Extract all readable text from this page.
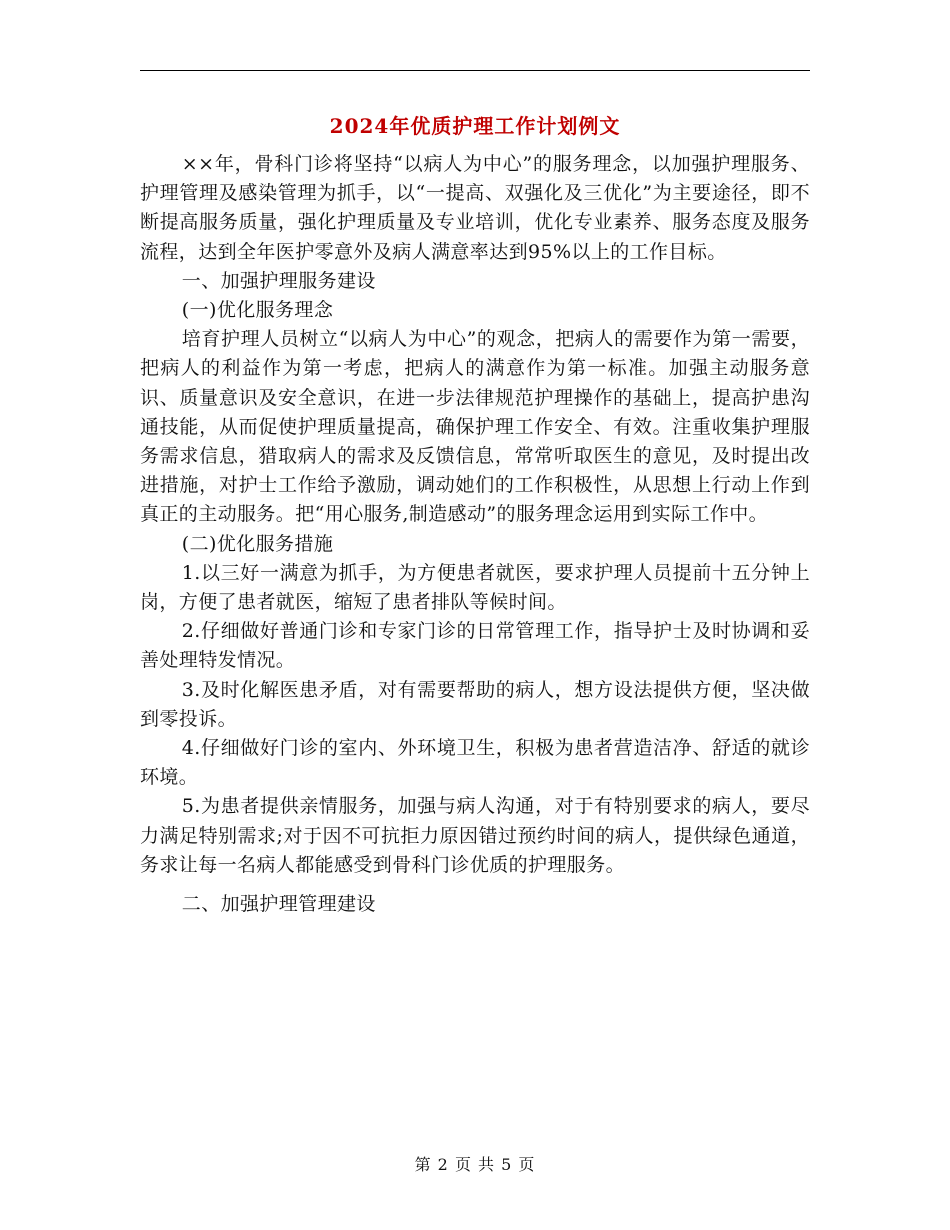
2024年优质护理工作计划例文

××年，骨科门诊将坚持“以病人为中心”的服务理念，以加强护理服务、护理管理及感染管理为抓手，以“一提高、双强化及三优化”为主要途径，即不断提高服务质量，强化护理质量及专业培训，优化专业素养、服务态度及服务流程，达到全年医护零意外及病人满意率达到95%以上的工作目标。

一、加强护理服务建设

(一)优化服务理念

培育护理人员树立“以病人为中心”的观念，把病人的需要作为第一需要，把病人的利益作为第一考虑，把病人的满意作为第一标准。加强主动服务意识、质量意识及安全意识，在进一步法律规范护理操作的基础上，提高护患沟通技能，从而促使护理质量提高，确保护理工作安全、有效。注重收集护理服务需求信息，猎取病人的需求及反馈信息，常常听取医生的意见，及时提出改进措施，对护士工作给予激励，调动她们的工作积极性，从思想上行动上作到真正的主动服务。把“用心服务,制造感动”的服务理念运用到实际工作中。

(二)优化服务措施

1.以三好一满意为抓手，为方便患者就医，要求护理人员提前十五分钟上岗，方便了患者就医，缩短了患者排队等候时间。

2.仔细做好普通门诊和专家门诊的日常管理工作，指导护士及时协调和妥善处理特发情况。

3.及时化解医患矛盾，对有需要帮助的病人，想方设法提供方便，坚决做到零投诉。

4.仔细做好门诊的室内、外环境卫生，积极为患者营造洁净、舒适的就诊环境。

5.为患者提供亲情服务，加强与病人沟通，对于有特别要求的病人，要尽力满足特别需求;对于因不可抗拒力原因错过预约时间的病人，提供绿色通道，务求让每一名病人都能感受到骨科门诊优质的护理服务。

二、加强护理管理建设

第 2 页 共 5 页
